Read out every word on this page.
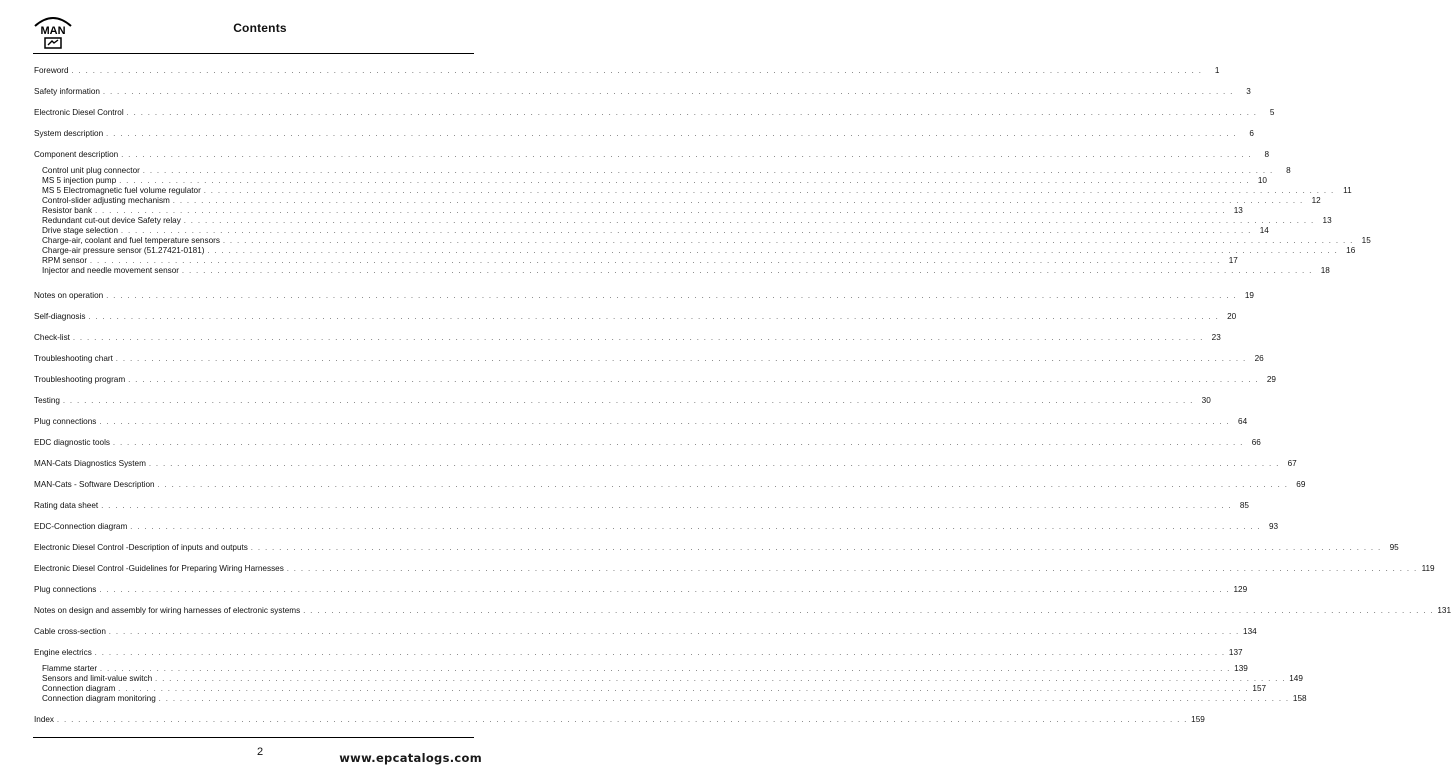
MAN	Contents
Foreword . . . . . . . . . . . . . . . . . . . . . . . . . . . . . . . . . . . . . . . . . . . . . . . . . . . . . . . . . . . . . . . . . . . . . . . . . . . . . . . . . . . . . . . . . . . . . . . . . . . . . . . . . . . . . . . . . . . . . . . . . . . . . . . . . . . . . . . . . . . . . . . . . . . . . . . . . . . . . . . .	1
Safety information . . . . . . . . . . . . . . . . . . . . . . . . . . . . . . . . . . . . . . . . . . . . . . . . . . . . . . . . . . . . . . . . . . . . . . . . . . . . . . . . . . . . . . . . . . . . . . . . . . . . . . . . . . . . . . . . . . . . . . . . . . . . . . . . . . . . . . . . . . . . . . . . . . . . . . . . . . . . . . . .	3
Electronic Diesel Control . . . . . . . . . . . . . . . . . . . . . . . . . . . . . . . . . . . . . . . . . . . . . . . . . . . . . . . . . . . . . . . . . . . . . . . . . . . . . . . . . . . . . . . . . . . . . . . . . . . . . . . . . . . . . . . . . . . . . . . . . . . . . . . . . . . . . . . . . . . . . . . . . . . . . . . . . . . . . . . .	5
System description . . . . . . . . . . . . . . . . . . . . . . . . . . . . . . . . . . . . . . . . . . . . . . . . . . . . . . . . . . . . . . . . . . . . . . . . . . . . . . . . . . . . . . . . . . . . . . . . . . . . . . . . . . . . . . . . . . . . . . . . . . . . . . . . . . . . . . . . . . . . . . . . . . . . . . . . . . . . . . . .	6
Component description . . . . . . . . . . . . . . . . . . . . . . . . . . . . . . . . . . . . . . . . . . . . . . . . . . . . . . . . . . . . . . . . . . . . . . . . . . . . . . . . . . . . . . . . . . . . . . . . . . . . . . . . . . . . . . . . . . . . . . . . . . . . . . . . . . . . . . . . . . . . . . . . . . . . . . . . . . . . . . . .	8
Control unit plug connector . . . . . . . . . . . . . . . . . . . . . . . . . . . . . . . . . . . . . . . . . . . . . . . . . . . . . . . . . . . . . . . . . . . . . . . . . . . . . . . . . . . . . . . . . . . . . . . . . . . . . . . . . . . . . . . . . . . . . . . . . . . . . . . . . . . . . . . . . . . . . . . . . . . . . . . . . . . . . . . .	8
MS 5 injection pump . . . . . . . . . . . . . . . . . . . . . . . . . . . . . . . . . . . . . . . . . . . . . . . . . . . . . . . . . . . . . . . . . . . . . . . . . . . . . . . . . . . . . . . . . . . . . . . . . . . . . . . . . . . . . . . . . . . . . . . . . . . . . . . . . . . . . . . . . . . . . . . . . . . . . . . . . . . . . . . . 10
MS 5 Electromagnetic fuel volume regulator . . . . . . . . . . . . . . . . . . . . . . . . . . . . . . . . . . . . . . . . . . . . . . . . . . . . . . . . . . . . . . . . . . . . . . . . . . . . . . . . . . . . . . . . . . . . . . . . . . . . . . . . . . . . . . . . . . . . . . . . . . . . . . . . . . . . . . . . . . . . . . . . . . . . . . . . . . . . . . . .	11
Control-slider adjusting mechanism . . . . . . . . . . . . . . . . . . . . . . . . . . . . . . . . . . . . . . . . . . . . . . . . . . . . . . . . . . . . . . . . . . . . . . . . . . . . . . . . . . . . . . . . . . . . . . . . . . . . . . . . . . . . . . . . . . . . . . . . . . . . . . . . . . . . . . . . . . . . . . . . . . . . . . . . . . . . . . . . 12
Resistor bank . . . . . . . . . . . . . . . . . . . . . . . . . . . . . . . . . . . . . . . . . . . . . . . . . . . . . . . . . . . . . . . . . . . . . . . . . . . . . . . . . . . . . . . . . . . . . . . . . . . . . . . . . . . . . . . . . . . . . . . . . . . . . . . . . . . . . . . . . . . . . . . . . . . . . . . . . . . . . . . . 13
Redundant cut-out device Safety relay . . . . . . . . . . . . . . . . . . . . . . . . . . . . . . . . . . . . . . . . . . . . . . . . . . . . . . . . . . . . . . . . . . . . . . . . . . . . . . . . . . . . . . . . . . . . . . . . . . . . . . . . . . . . . . . . . . . . . . . . . . . . . . . . . . . . . . . . . . . . . . . . . . . . . . . . . . . . . . . . 13
Drive stage selection . . . . . . . . . . . . . . . . . . . . . . . . . . . . . . . . . . . . . . . . . . . . . . . . . . . . . . . . . . . . . . . . . . . . . . . . . . . . . . . . . . . . . . . . . . . . . . . . . . . . . . . . . . . . . . . . . . . . . . . . . . . . . . . . . . . . . . . . . . . . . . . . . . . . . . . . . . . . . . . . 14
Charge-air, coolant and fuel temperature sensors . . . . . . . . . . . . . . . . . . . . . . . . . . . . . . . . . . . . . . . . . . . . . . . . . . . . . . . . . . . . . . . . . . . . . . . . . . . . . . . . . . . . . . . . . . . . . . . . . . . . . . . . . . . . . . . . . . . . . . . . . . . . . . . . . . . . . . . . . . . . . . . . . . . . . . . . . . . . . . . . 15
Charge-air pressure sensor (51.27421-0181) . . . . . . . . . . . . . . . . . . . . . . . . . . . . . . . . . . . . . . . . . . . . . . . . . . . . . . . . . . . . . . . . . . . . . . . . . . . . . . . . . . . . . . . . . . . . . . . . . . . . . . . . . . . . . . . . . . . . . . . . . . . . . . . . . . . . . . . . . . . . . . . . . . . . . . . . . . . . . . . . 16
RPM sensor . . . . . . . . . . . . . . . . . . . . . . . . . . . . . . . . . . . . . . . . . . . . . . . . . . . . . . . . . . . . . . . . . . . . . . . . . . . . . . . . . . . . . . . . . . . . . . . . . . . . . . . . . . . . . . . . . . . . . . . . . . . . . . . . . . . . . . . . . . . . . . . . . . . . . . . . . . . . . . . . 17
Injector and needle movement sensor . . . . . . . . . . . . . . . . . . . . . . . . . . . . . . . . . . . . . . . . . . . . . . . . . . . . . . . . . . . . . . . . . . . . . . . . . . . . . . . . . . . . . . . . . . . . . . . . . . . . . . . . . . . . . . . . . . . . . . . . . . . . . . . . . . . . . . . . . . . . . . . . . . . . . . . . . . . . . . . . 18
Notes on operation . . . . . . . . . . . . . . . . . . . . . . . . . . . . . . . . . . . . . . . . . . . . . . . . . . . . . . . . . . . . . . . . . . . . . . . . . . . . . . . . . . . . . . . . . . . . . . . . . . . . . . . . . . . . . . . . . . . . . . . . . . . . . . . . . . . . . . . . . . . . . . . . . . . . . . . . . . . . . . . . 19
Self-diagnosis . . . . . . . . . . . . . . . . . . . . . . . . . . . . . . . . . . . . . . . . . . . . . . . . . . . . . . . . . . . . . . . . . . . . . . . . . . . . . . . . . . . . . . . . . . . . . . . . . . . . . . . . . . . . . . . . . . . . . . . . . . . . . . . . . . . . . . . . . . . . . . . . . . . . . . . . . . . . . . . . 20
Check-list . . . . . . . . . . . . . . . . . . . . . . . . . . . . . . . . . . . . . . . . . . . . . . . . . . . . . . . . . . . . . . . . . . . . . . . . . . . . . . . . . . . . . . . . . . . . . . . . . . . . . . . . . . . . . . . . . . . . . . . . . . . . . . . . . . . . . . . . . . . . . . . . . . . . . . . . . . . . . . . . 23
Troubleshooting chart . . . . . . . . . . . . . . . . . . . . . . . . . . . . . . . . . . . . . . . . . . . . . . . . . . . . . . . . . . . . . . . . . . . . . . . . . . . . . . . . . . . . . . . . . . . . . . . . . . . . . . . . . . . . . . . . . . . . . . . . . . . . . . . . . . . . . . . . . . . . . . . . . . . . . . . . . . . . . . . . 26
Troubleshooting program . . . . . . . . . . . . . . . . . . . . . . . . . . . . . . . . . . . . . . . . . . . . . . . . . . . . . . . . . . . . . . . . . . . . . . . . . . . . . . . . . . . . . . . . . . . . . . . . . . . . . . . . . . . . . . . . . . . . . . . . . . . . . . . . . . . . . . . . . . . . . . . . . . . . . . . . . . . . . . . . 29
Testing . . . . . . . . . . . . . . . . . . . . . . . . . . . . . . . . . . . . . . . . . . . . . . . . . . . . . . . . . . . . . . . . . . . . . . . . . . . . . . . . . . . . . . . . . . . . . . . . . . . . . . . . . . . . . . . . . . . . . . . . . . . . . . . . . . . . . . . . . . . . . . . . . . . . . . . . . . . . . . . . 30
Plug connections . . . . . . . . . . . . . . . . . . . . . . . . . . . . . . . . . . . . . . . . . . . . . . . . . . . . . . . . . . . . . . . . . . . . . . . . . . . . . . . . . . . . . . . . . . . . . . . . . . . . . . . . . . . . . . . . . . . . . . . . . . . . . . . . . . . . . . . . . . . . . . . . . . . . . . . . . . . . . . . . 64
EDC diagnostic tools . . . . . . . . . . . . . . . . . . . . . . . . . . . . . . . . . . . . . . . . . . . . . . . . . . . . . . . . . . . . . . . . . . . . . . . . . . . . . . . . . . . . . . . . . . . . . . . . . . . . . . . . . . . . . . . . . . . . . . . . . . . . . . . . . . . . . . . . . . . . . . . . . . . . . . . . . . . . . . . . 66
MAN-Cats Diagnostics System . . . . . . . . . . . . . . . . . . . . . . . . . . . . . . . . . . . . . . . . . . . . . . . . . . . . . . . . . . . . . . . . . . . . . . . . . . . . . . . . . . . . . . . . . . . . . . . . . . . . . . . . . . . . . . . . . . . . . . . . . . . . . . . . . . . . . . . . . . . . . . . . . . . . . . . . . . . . . . . . 67
MAN-Cats - Software Description . . . . . . . . . . . . . . . . . . . . . . . . . . . . . . . . . . . . . . . . . . . . . . . . . . . . . . . . . . . . . . . . . . . . . . . . . . . . . . . . . . . . . . . . . . . . . . . . . . . . . . . . . . . . . . . . . . . . . . . . . . . . . . . . . . . . . . . . . . . . . . . . . . . . . . . . . . . . . . . . 69
Rating data sheet . . . . . . . . . . . . . . . . . . . . . . . . . . . . . . . . . . . . . . . . . . . . . . . . . . . . . . . . . . . . . . . . . . . . . . . . . . . . . . . . . . . . . . . . . . . . . . . . . . . . . . . . . . . . . . . . . . . . . . . . . . . . . . . . . . . . . . . . . . . . . . . . . . . . . . . . . . . . . . . . 85
EDC-Connection diagram . . . . . . . . . . . . . . . . . . . . . . . . . . . . . . . . . . . . . . . . . . . . . . . . . . . . . . . . . . . . . . . . . . . . . . . . . . . . . . . . . . . . . . . . . . . . . . . . . . . . . . . . . . . . . . . . . . . . . . . . . . . . . . . . . . . . . . . . . . . . . . . . . . . . . . . . . . . . . . . . 93
Electronic Diesel Control -Description of inputs and outputs . . . . . . . . . . . . . . . . . . . . . . . . . . . . . . . . . . . . . . . . . . . . . . . . . . . . . . . . . . . . . . . . . . . . . . . . . . . . . . . . . . . . . . . . . . . . . . . . . . . . . . . . . . . . . . . . . . . . . . . . . . . . . . . . . . . . . . . . . . . . . . . . . . . . . . . . . . . . . . . . 95
Electronic Diesel Control -Guidelines for Preparing Wiring Harnesses . . . . . . . . . . . . . . . . . . . . . . . . . . . . . . . . . . . . . . . . . . . . . . . . . . . . . . . . . . . . . . . . . . . . . . . . . . . . . . . . . . . . . . . . . . . . . . . . . . . . . . . . . . . . . . . . . . . . . . . . . . . . . . . . . . . . . . . . . . . . . . . . . . . . . . . . . . . . . . . . 119
Plug connections . . . . . . . . . . . . . . . . . . . . . . . . . . . . . . . . . . . . . . . . . . . . . . . . . . . . . . . . . . . . . . . . . . . . . . . . . . . . . . . . . . . . . . . . . . . . . . . . . . . . . . . . . . . . . . . . . . . . . . . . . . . . . . . . . . . . . . . . . . . . . . . . . . . . . . . . . . . . . . . . 129
Notes on design and assembly for wiring harnesses of electronic systems . . . . . . . . . . . . . . . . . . . . . . . . . . . . . . . . . . . . . . . . . . . . . . . . . . . . . . . . . . . . . . . . . . . . . . . . . . . . . . . . . . . . . . . . . . . . . . . . . . . . . . . . . . . . . . . . . . . . . . . . . . . . . . . . . . . . . . . . . . . . . . . . . . . . . . . . . . . . . . . . 131
Cable cross-section . . . . . . . . . . . . . . . . . . . . . . . . . . . . . . . . . . . . . . . . . . . . . . . . . . . . . . . . . . . . . . . . . . . . . . . . . . . . . . . . . . . . . . . . . . . . . . . . . . . . . . . . . . . . . . . . . . . . . . . . . . . . . . . . . . . . . . . . . . . . . . . . . . . . . . . . . . . . . . . . 134
Engine electrics . . . . . . . . . . . . . . . . . . . . . . . . . . . . . . . . . . . . . . . . . . . . . . . . . . . . . . . . . . . . . . . . . . . . . . . . . . . . . . . . . . . . . . . . . . . . . . . . . . . . . . . . . . . . . . . . . . . . . . . . . . . . . . . . . . . . . . . . . . . . . . . . . . . . . . . . . . . . . . . . 137
Flamme starter . . . . . . . . . . . . . . . . . . . . . . . . . . . . . . . . . . . . . . . . . . . . . . . . . . . . . . . . . . . . . . . . . . . . . . . . . . . . . . . . . . . . . . . . . . . . . . . . . . . . . . . . . . . . . . . . . . . . . . . . . . . . . . . . . . . . . . . . . . . . . . . . . . . . . . . . . . . . . . . . 139
Sensors and limit-value switch . . . . . . . . . . . . . . . . . . . . . . . . . . . . . . . . . . . . . . . . . . . . . . . . . . . . . . . . . . . . . . . . . . . . . . . . . . . . . . . . . . . . . . . . . . . . . . . . . . . . . . . . . . . . . . . . . . . . . . . . . . . . . . . . . . . . . . . . . . . . . . . . . . . . . . . . . . . . . . . . 149
Connection diagram . . . . . . . . . . . . . . . . . . . . . . . . . . . . . . . . . . . . . . . . . . . . . . . . . . . . . . . . . . . . . . . . . . . . . . . . . . . . . . . . . . . . . . . . . . . . . . . . . . . . . . . . . . . . . . . . . . . . . . . . . . . . . . . . . . . . . . . . . . . . . . . . . . . . . . . . . . . . . . . . 157
Connection diagram monitoring . . . . . . . . . . . . . . . . . . . . . . . . . . . . . . . . . . . . . . . . . . . . . . . . . . . . . . . . . . . . . . . . . . . . . . . . . . . . . . . . . . . . . . . . . . . . . . . . . . . . . . . . . . . . . . . . . . . . . . . . . . . . . . . . . . . . . . . . . . . . . . . . . . . . . . . . . . . . . . . . 158
Index . . . . . . . . . . . . . . . . . . . . . . . . . . . . . . . . . . . . . . . . . . . . . . . . . . . . . . . . . . . . . . . . . . . . . . . . . . . . . . . . . . . . . . . . . . . . . . . . . . . . . . . . . . . . . . . . . . . . . . . . . . . . . . . . . . . . . . . . . . . . . . . . . . . . . . . . . . . . . . . . 159
2	www.epcatalogs.com
